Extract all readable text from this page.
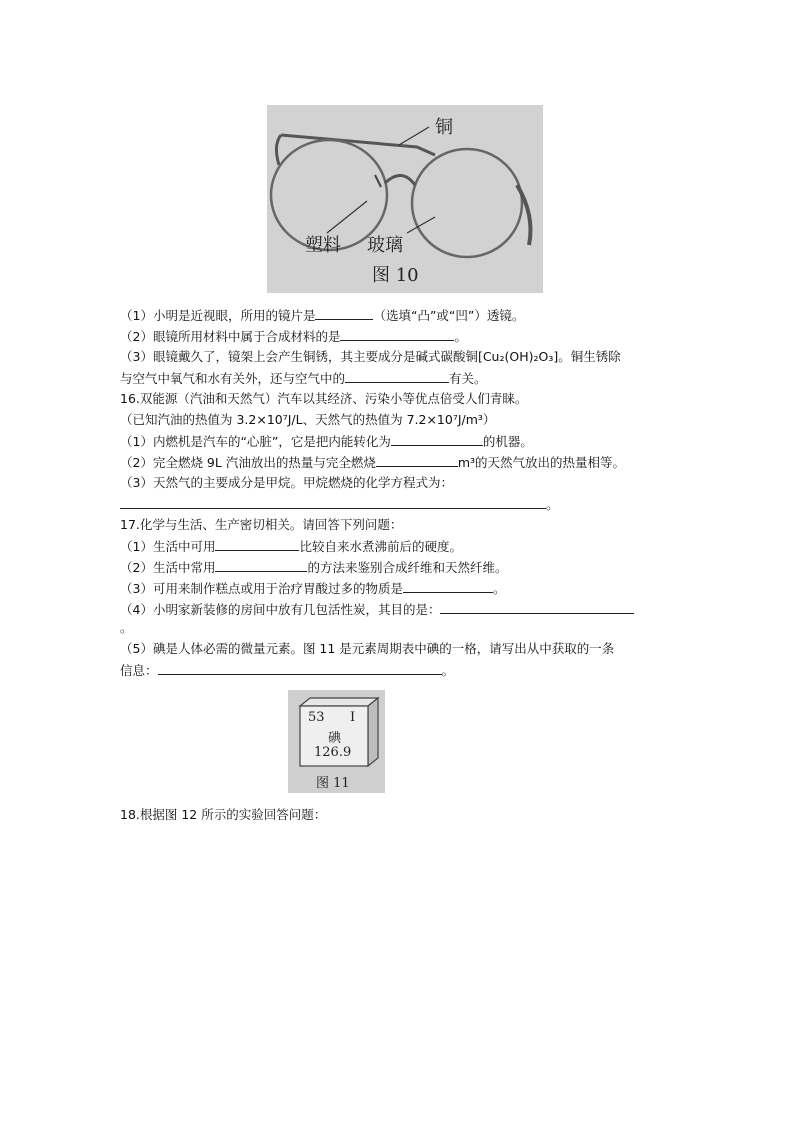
铜
塑料 玻璃
图 10
（1）小明是近视眼，所用的镜片是	（选填“凸”或“凹”）透镜。
（2）眼镜所用材料中属于合成材料的是	。
（3）眼镜戴久了，镜架上会产生铜锈，其主要成分是碱式碳酸铜[Cu₂(OH)₂O₃]。铜生锈除
与空气中氧气和水有关外，还与空气中的	有关。
16.双能源（汽油和天然气）汽车以其经济、污染小等优点倍受人们青睐。
（已知汽油的热值为 3.2×10⁷J/L、天然气的热值为 7.2×10⁷J/m³）
（1）内燃机是汽车的“心脏”，它是把内能转化为	的机器。
（2）完全燃烧 9L 汽油放出的热量与完全燃烧	m³的天然气放出的热量相等。
（3）天然气的主要成分是甲烷。甲烷燃烧的化学方程式为：
。
17.化学与生活、生产密切相关。请回答下列问题：
（1）生活中可用	比较自来水煮沸前后的硬度。
（2）生活中常用	的方法来鉴别合成纤维和天然纤维。
（3）可用来制作糕点或用于治疗胃酸过多的物质是	。
（4）小明家新装修的房间中放有几包活性炭，其目的是：
。
（5）碘是人体必需的微量元素。图 11 是元素周期表中碘的一格，请写出从中获取的一条
信息：	。
53 I
碘
126.9
图 11
18.根据图 12 所示的实验回答问题：
